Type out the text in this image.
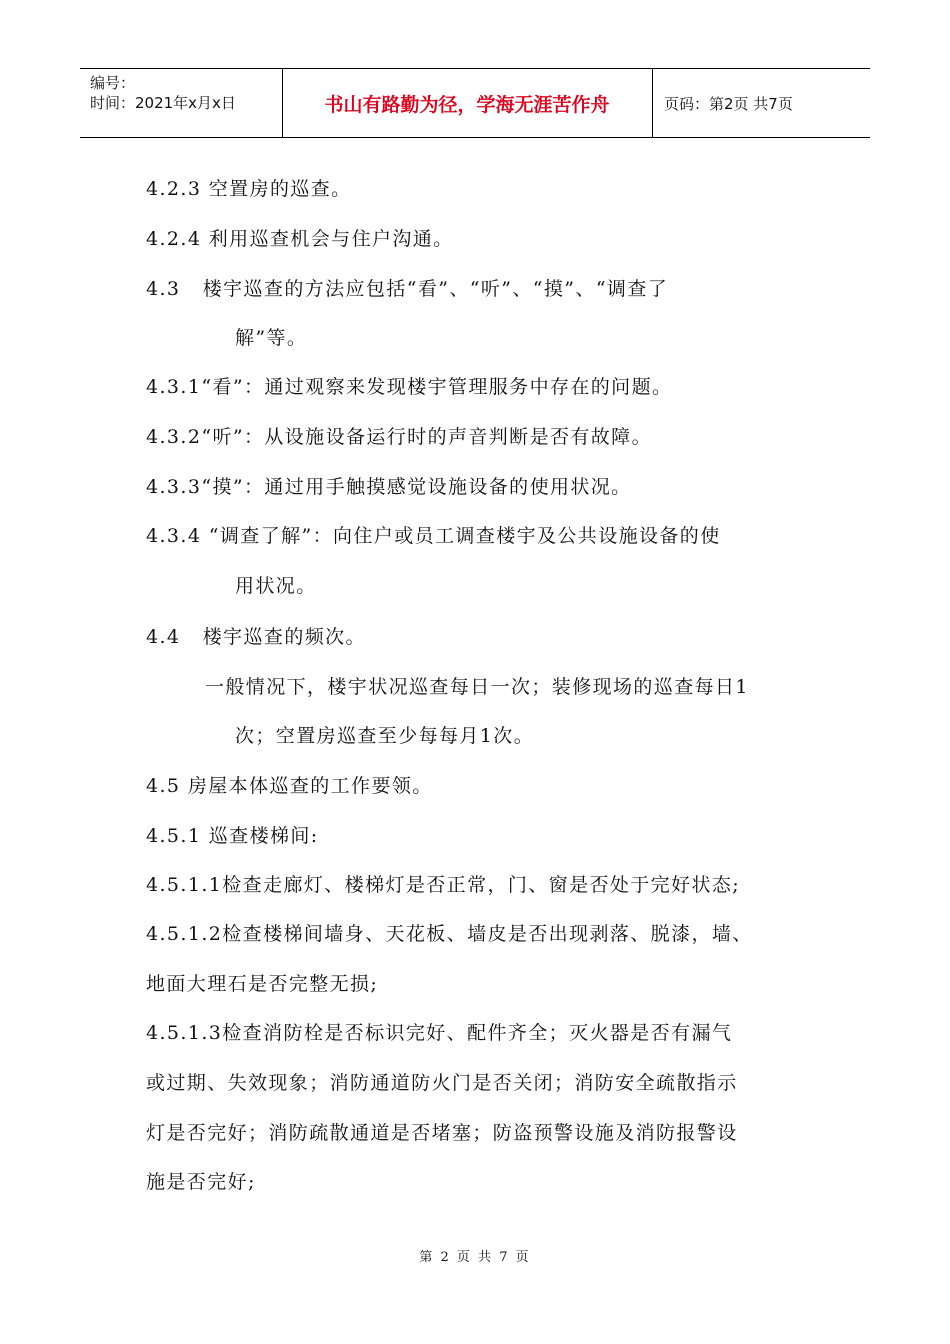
编号：
时间：2021年x月x日	书山有路勤为径，学海无涯苦作舟	页码：第2页 共7页
4.2.3 空置房的巡查。
4.2.4 利用巡查机会与住户沟通。
4.3   楼宇巡查的方法应包括“看”、“听”、“摸”、“调查了
解”等。
4.3.1“看”：通过观察来发现楼宇管理服务中存在的问题。
4.3.2“听”：从设施设备运行时的声音判断是否有故障。
4.3.3“摸”：通过用手触摸感觉设施设备的使用状况。
4.3.4 “调查了解”：向住户或员工调查楼宇及公共设施设备的使
用状况。
4.4   楼宇巡查的频次。
一般情况下，楼宇状况巡查每日一次；装修现场的巡查每日1
次；空置房巡查至少每每月1次。
4.5 房屋本体巡查的工作要领。
4.5.1 巡查楼梯间:
4.5.1.1检查走廊灯、楼梯灯是否正常，门、窗是否处于完好状态;
4.5.1.2检查楼梯间墙身、天花板、墙皮是否出现剥落、脱漆，墙、
地面大理石是否完整无损;
4.5.1.3检查消防栓是否标识完好、配件齐全；灭火器是否有漏气
或过期、失效现象；消防通道防火门是否关闭；消防安全疏散指示
灯是否完好；消防疏散通道是否堵塞；防盗预警设施及消防报警设
施是否完好;
第 2 页 共 7 页
